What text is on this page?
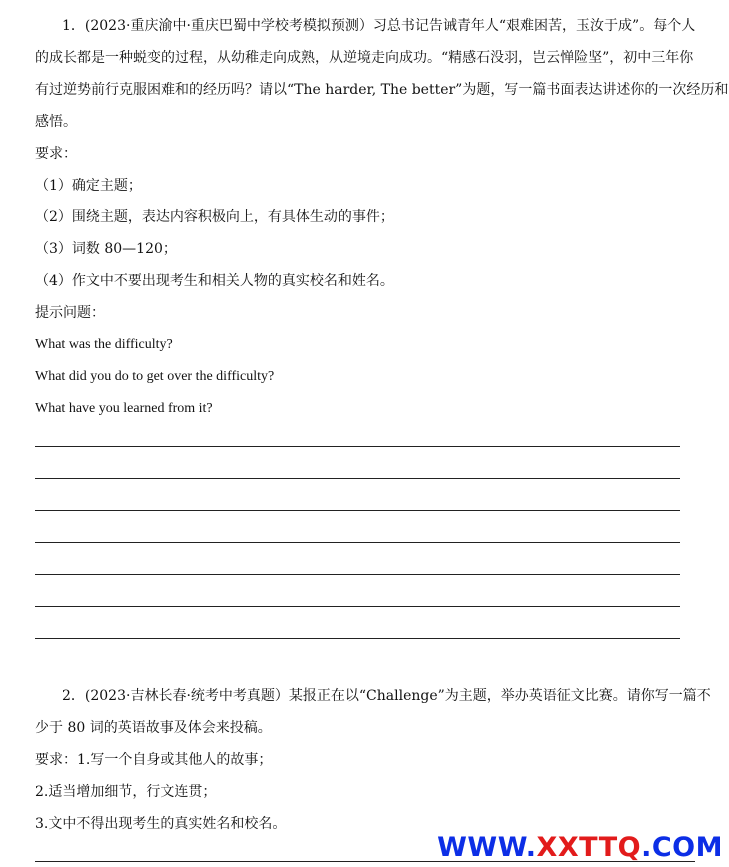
1．(2023·重庆渝中·重庆巴蜀中学校考模拟预测）习总书记告诫青年人“艰难困苦，玉汝于成”。每个人
的成长都是一种蜕变的过程，从幼稚走向成熟，从逆境走向成功。“精感石没羽，岂云惮险坚”，初中三年你
有过逆势前行克服困难和的经历吗？请以“The harder, The better”为题，写一篇书面表达讲述你的一次经历和
感悟。
要求：
（1）确定主题；
（2）围绕主题，表达内容积极向上，有具体生动的事件；
（3）词数 80—120；
（4）作文中不要出现考生和相关人物的真实校名和姓名。
提示问题：
What was the difficulty?
What did you do to get over the difficulty?
What have you learned from it?
2．(2023·吉林长春·统考中考真题）某报正在以“Challenge”为主题，举办英语征文比赛。请你写一篇不
少于 80 词的英语故事及体会来投稿。
要求：1.写一个自身或其他人的故事；
2.适当增加细节，行文连贯；
3.文中不得出现考生的真实姓名和校名。
WWW.XXTTQ.COM
